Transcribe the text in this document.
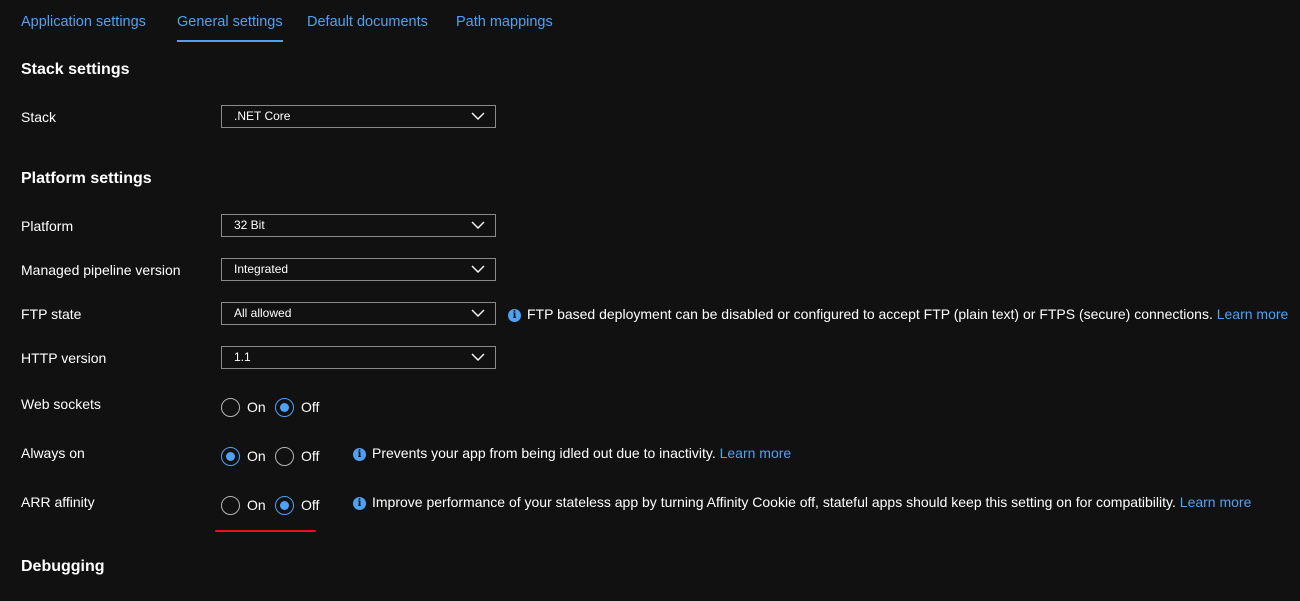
Application settings General settings Default documents Path mappings
Stack settings
Stack	.NET Core
Platform settings
Platform	32 Bit
Managed pipeline version	Integrated
FTP state	All allowed	i FTP based deployment can be disabled or configured to accept FTP (plain text) or FTPS (secure) connections. Learn more
HTTP version	1.1
Web sockets	On	Off
Always on	On	Off	i Prevents your app from being idled out due to inactivity. Learn more
ARR affinity	On	Off	i Improve performance of your stateless app by turning Affinity Cookie off, stateful apps should keep this setting on for compatibility. Learn more
Debugging
